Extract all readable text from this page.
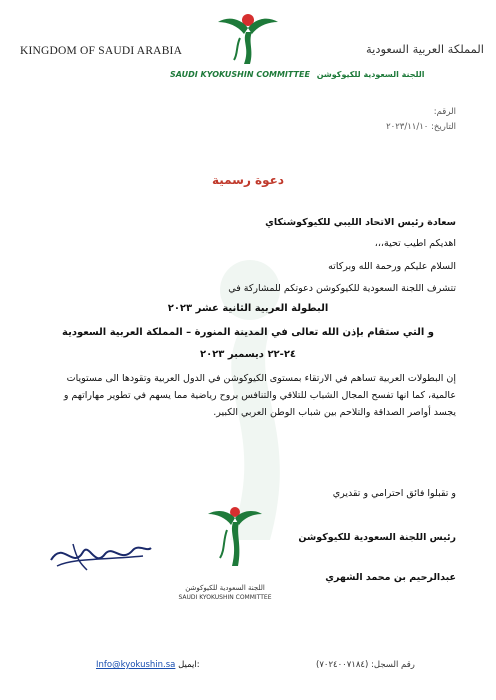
KINGDOM OF SAUDI ARABIA	المملكة العربية السعودية
SAUDI KYOKUSHIN COMMITTEE اللجنة السعودية للكيوكوشن
الرقم:
التاريخ: ٢٠٢٣/١١/١٠
دعوة رسمية
سعادة رئيس الاتحاد الليبي للكيوكوشنكاي
اهديكم اطيب تحية،،،
السلام عليكم ورحمة الله وبركاته
تتشرف اللجنة السعودية للكيوكوشن دعوتكم للمشاركة في
البطولة العربية الثانية عشر ٢٠٢٣
و التي ستقام بإذن الله تعالى في المدينة المنورة – المملكة العربية السعودية
٢٤-٢٢ ديسمبر ٢٠٢٣
إن البطولات العربية تساهم في الارتقاء بمستوى الكيوكوشن في الدول العربية وتقودها الى مستويات
عالمية، كما انها تفسح المجال الشباب للتلاقي والتنافس بروح رياضية مما يسهم في تطوير مهاراتهم و
يجسد أواصر الصداقة والتلاحم بين شباب الوطن العربي الكبير.
و تقبلوا فائق احترامي و تقديري
رئيس اللجنة السعودية للكيوكوشن
اللجنة السعودية للكيوكوشن
SAUDI KYOKUSHIN COMMITTEE
عبدالرحيم بن محمد الشهري
Info@kyokushin.sa ايميل:	رقم السجل: (٧٠٢٤٠٠٧١٨٤)
